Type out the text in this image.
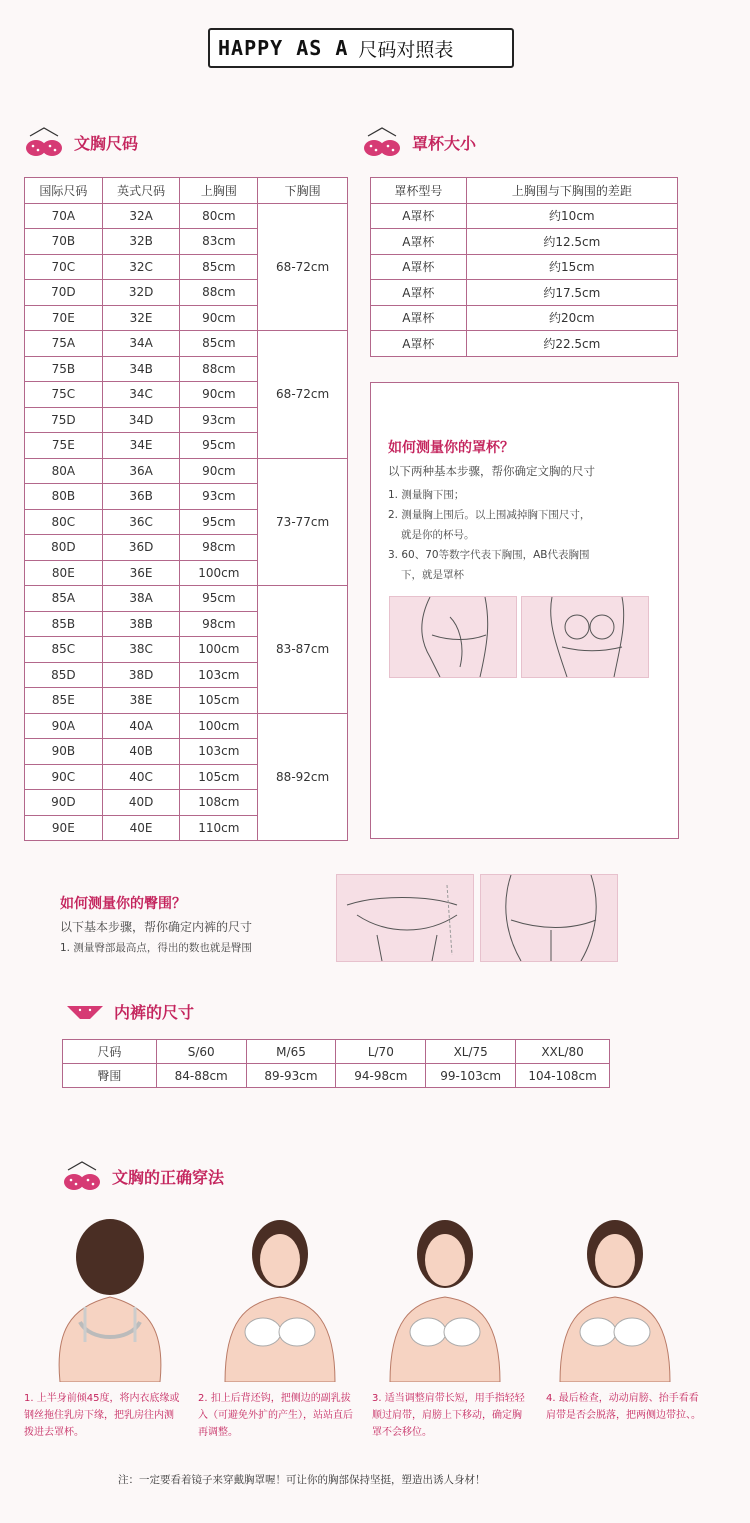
HAPPY AS A 尺码对照表
文胸尺码
国际尺码	英式尺码	上胸围	下胸围
70A	32A	80cm	68-72cm
70B	32B	83cm	
70C	32C	85cm	
70D	32D	88cm	
70E	32E	90cm	
75A	34A	85cm	68-72cm
75B	34B	88cm	
75C	34C	90cm	
75D	34D	93cm	
75E	34E	95cm	
80A	36A	90cm	73-77cm
80B	36B	93cm	
80C	36C	95cm	
80D	36D	98cm	
80E	36E	100cm	
85A	38A	95cm	83-87cm
85B	38B	98cm	
85C	38C	100cm	
85D	38D	103cm	
85E	38E	105cm	
90A	40A	100cm	88-92cm
90B	40B	103cm	
90C	40C	105cm	
90D	40D	108cm	
90E	40E	110cm	
罩杯大小
罩杯型号	上胸围与下胸围的差距
A罩杯	约10cm
A罩杯	约12.5cm
A罩杯	约15cm
A罩杯	约17.5cm
A罩杯	约20cm
A罩杯	约22.5cm
如何测量你的罩杯？
以下两种基本步骤，帮你确定文胸的尺寸
1. 测量胸下围；
2. 测量胸上围后。以上围减掉胸下围尺寸，
就是你的杯号。
3. 60、70等数字代表下胸围，AB代表胸围
下，就是罩杯
如何测量你的臀围？
以下基本步骤，帮你确定内裤的尺寸
1. 测量臀部最高点，得出的数也就是臀围
内裤的尺寸
尺码	S/60	M/65	L/70	XL/75	XXL/80
臀围	84-88cm	89-93cm	94-98cm	99-103cm	104-108cm
文胸的正确穿法
1. 上半身前倾45度，将内衣底缘或钢丝拖住乳房下缘，把乳房往内测拨进去罩杯。
2. 扣上后背还钩，把侧边的副乳拔入（可避免外扩的产生），站站直后再调整。
3. 适当调整肩带长短，用手指轻轻顺过肩带，肩膀上下移动，确定胸罩不会移位。
4. 最后检查，动动肩膀、抬手看看肩带是否会脱落，把两侧边带拉、。
注：一定要看着镜子来穿戴胸罩喔！可让你的胸部保持坚挺，塑造出诱人身材！
